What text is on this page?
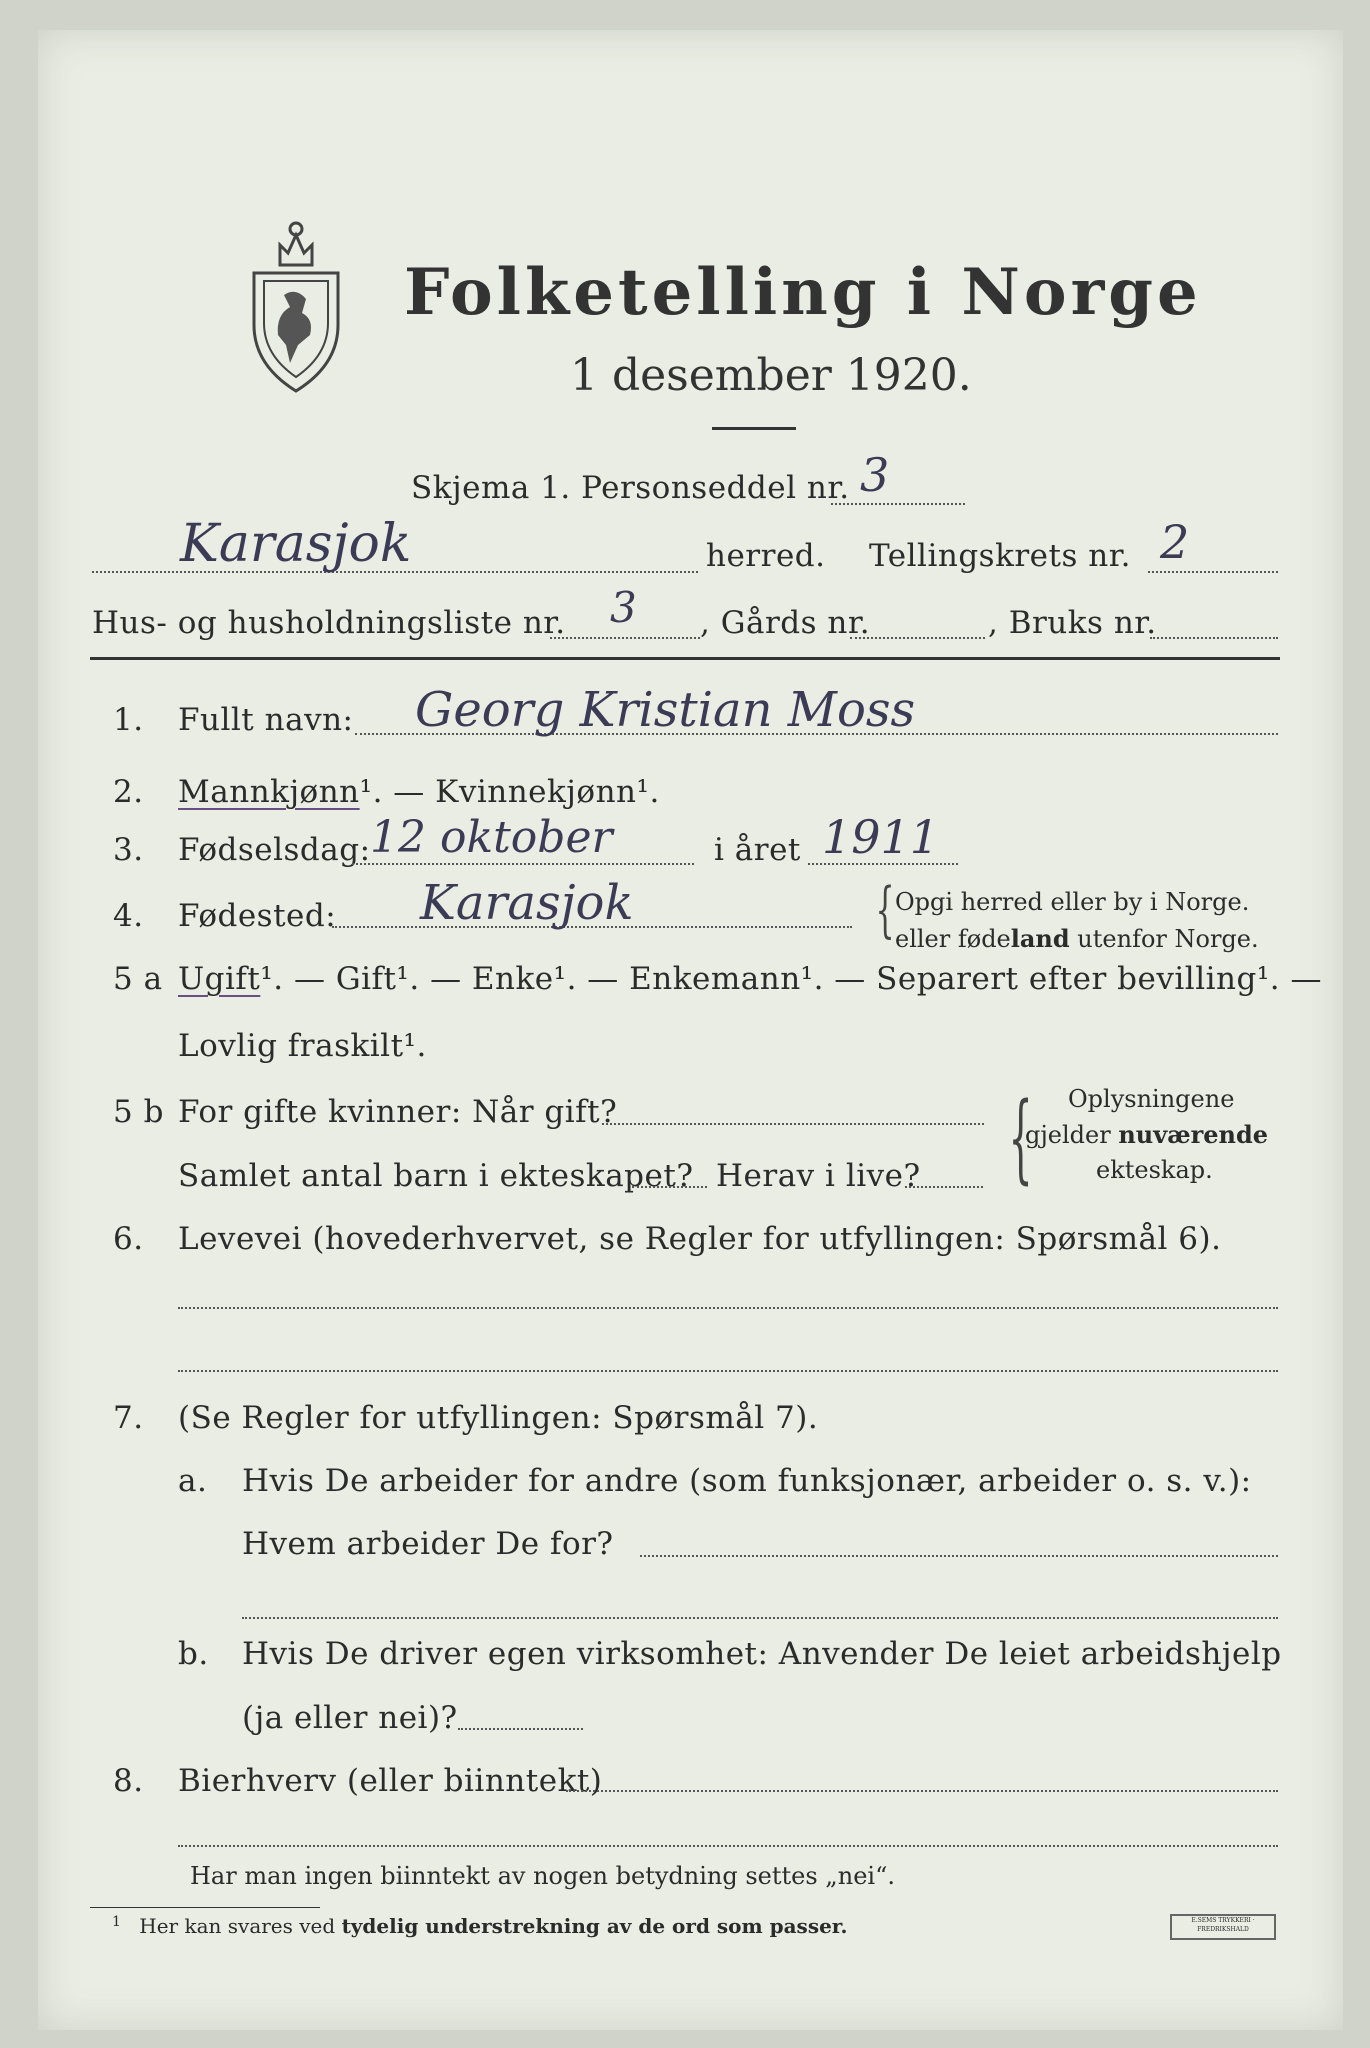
Folketelling i Norge
1 desember 1920.
Skjema 1. Personseddel nr. 3
Karasjok	herred. Tellingskrets nr. 2
Hus- og husholdningsliste nr. 3 , Gårds nr.	, Bruks nr.
1. Fullt navn: Georg Kristian Moss
2. Mannkjønn¹. — Kvinnekjønn¹.
3. Fødselsdag: 12 oktober	i året 1911
4. Fødested: Karasjok	{ Opgi herred eller by i Norge.
eller fødeland utenfor Norge.
5 a Ugift¹. — Gift¹. — Enke¹. — Enkemann¹. — Separert efter bevilling¹. —
Lovlig fraskilt¹.
5 b For gifte kvinner: Når gift?
Samlet antal barn i ekteskapet? Herav i live? { Oplysningene
gjelder nuværende
ekteskap.
6. Levevei (hovederhvervet, se Regler for utfyllingen: Spørsmål 6).
7. (Se Regler for utfyllingen: Spørsmål 7).
a. Hvis De arbeider for andre (som funksjonær, arbeider o. s. v.):
Hvem arbeider De for?
b. Hvis De driver egen virksomhet: Anvender De leiet arbeidshjelp
(ja eller nei)?
8. Bierhverv (eller biinntekt)
Har man ingen biinntekt av nogen betydning settes „nei“.
$^1$ Her kan svares ved tydelig understrekning av de ord som passer.	E.SEMS TRYKKERI · FREDRIKSHALD
